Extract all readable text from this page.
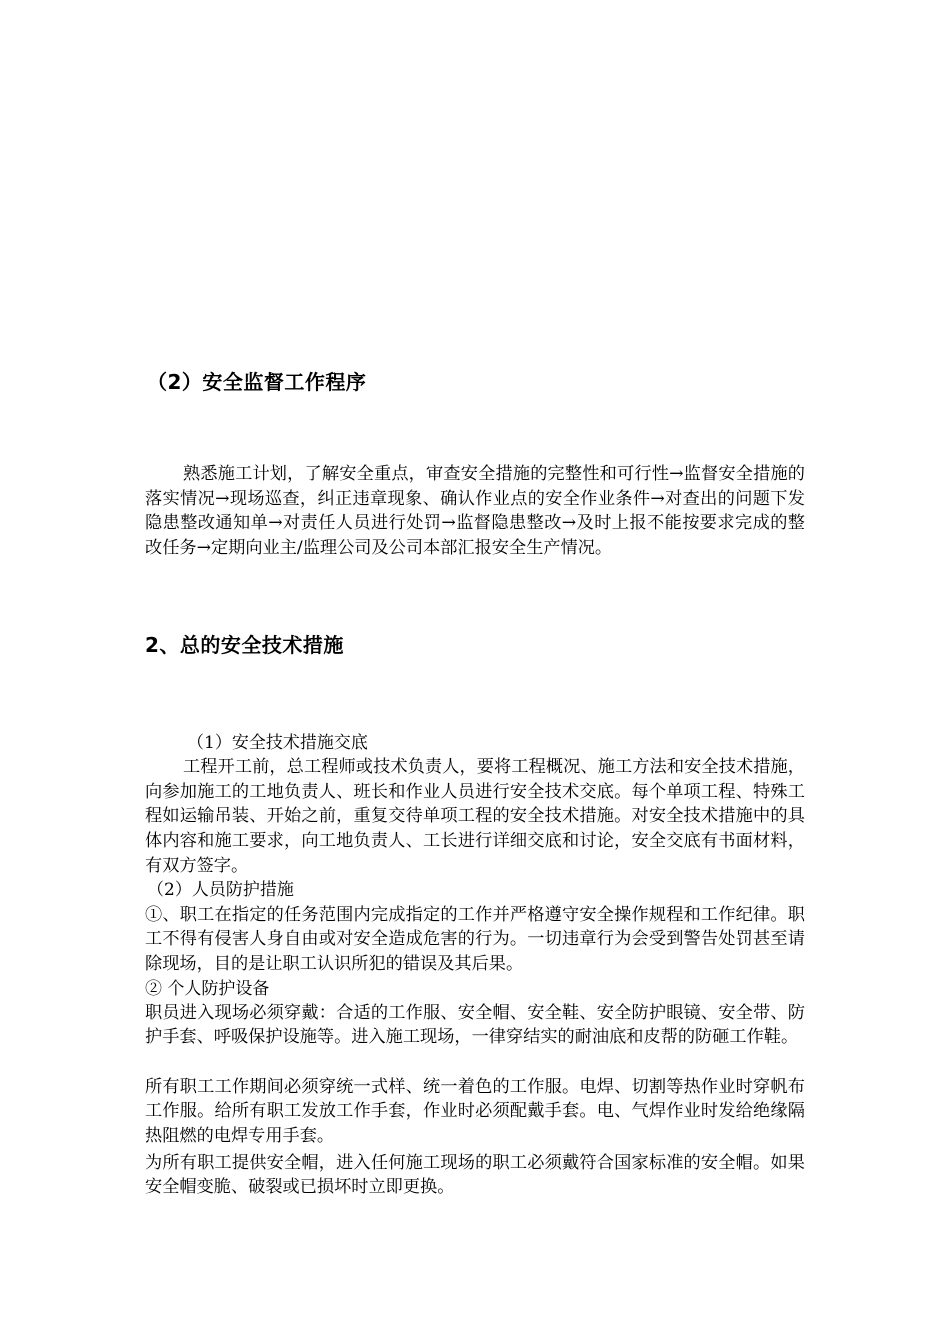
（2）安全监督工作程序
熟悉施工计划，了解安全重点，审查安全措施的完整性和可行性→监督安全措施的落实情况→现场巡查，纠正违章现象、确认作业点的安全作业条件→对查出的问题下发隐患整改通知单→对责任人员进行处罚→监督隐患整改→及时上报不能按要求完成的整改任务→定期向业主/监理公司及公司本部汇报安全生产情况。
2、总的安全技术措施
（1）安全技术措施交底
工程开工前，总工程师或技术负责人，要将工程概况、施工方法和安全技术措施，向参加施工的工地负责人、班长和作业人员进行安全技术交底。每个单项工程、特殊工程如运输吊装、开始之前，重复交待单项工程的安全技术措施。对安全技术措施中的具体内容和施工要求，向工地负责人、工长进行详细交底和讨论，安全交底有书面材料，有双方签字。
（2）人员防护措施
①、职工在指定的任务范围内完成指定的工作并严格遵守安全操作规程和工作纪律。职工不得有侵害人身自由或对安全造成危害的行为。一切违章行为会受到警告处罚甚至请除现场，目的是让职工认识所犯的错误及其后果。
② 个人防护设备
职员进入现场必须穿戴：合适的工作服、安全帽、安全鞋、安全防护眼镜、安全带、防护手套、呼吸保护设施等。进入施工现场，一律穿结实的耐油底和皮帮的防砸工作鞋。
所有职工工作期间必须穿统一式样、统一着色的工作服。电焊、切割等热作业时穿帆布工作服。给所有职工发放工作手套，作业时必须配戴手套。电、气焊作业时发给绝缘隔热阻燃的电焊专用手套。
为所有职工提供安全帽，进入任何施工现场的职工必须戴符合国家标准的安全帽。如果安全帽变脆、破裂或已损坏时立即更换。
